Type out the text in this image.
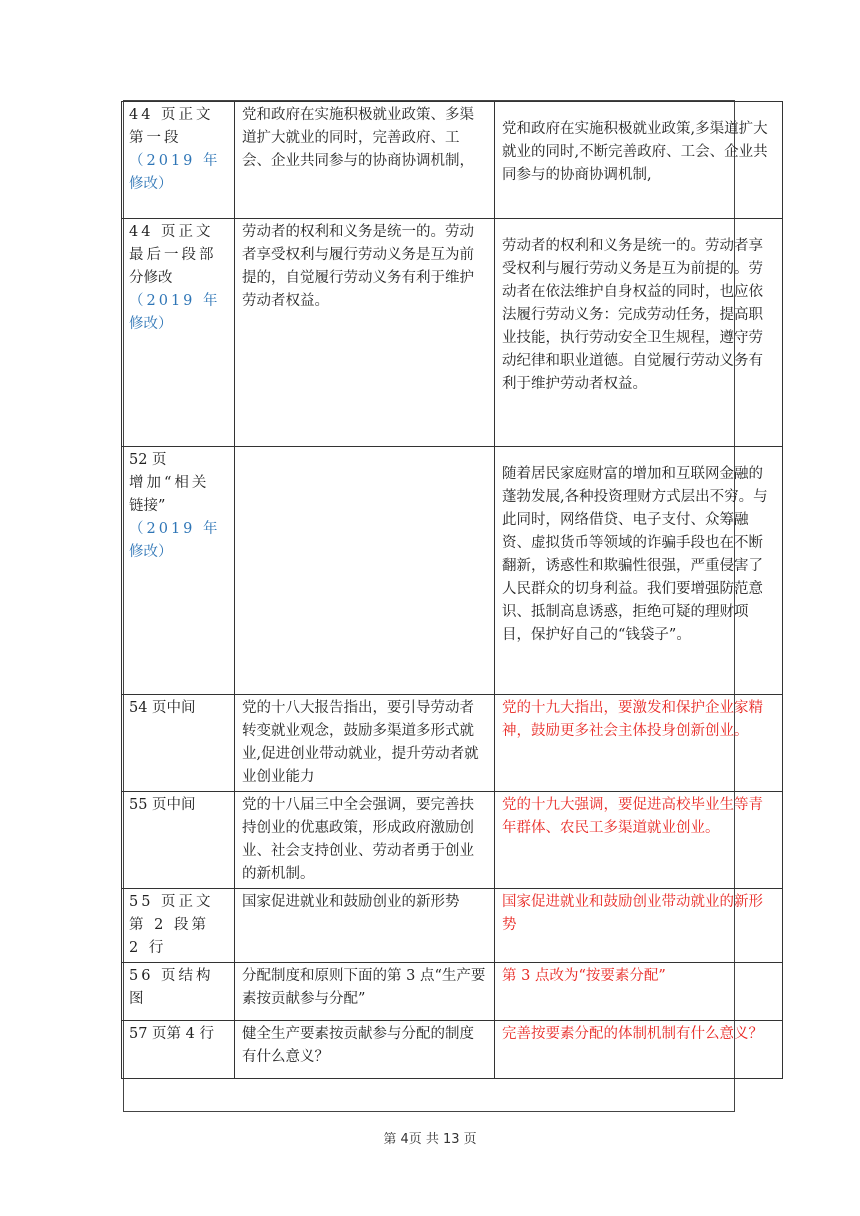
44 页正文
第一段
（2019 年
修改）	党和政府在实施积极就业政策、多渠道扩大就业的同时，完善政府、工会、企业共同参与的协商协调机制，	党和政府在实施积极就业政策,多渠道扩大就业的同时,不断完善政府、工会、企业共同参与的协商协调机制,

44 页正文
最后一段部
分修改
（2019 年
修改）	劳动者的权利和义务是统一的。劳动者享受权利与履行劳动义务是互为前提的，自觉履行劳动义务有利于维护劳动者权益。	劳动者的权利和义务是统一的。劳动者享受权利与履行劳动义务是互为前提的。劳动者在依法维护自身权益的同时，也应依法履行劳动义务：完成劳动任务，提高职业技能，执行劳动安全卫生规程，遵守劳动纪律和职业道德。自觉履行劳动义务有利于维护劳动者权益。

52 页
增加“相关
链接”
（2019 年
修改）		随着居民家庭财富的增加和互联网金融的蓬勃发展,各种投资理财方式层出不穷。与此同时，网络借贷、电子支付、众筹融资、虚拟货币等领域的诈骗手段也在不断翻新，诱惑性和欺骗性很强，严重侵害了人民群众的切身利益。我们要增强防范意识、抵制高息诱惑，拒绝可疑的理财项目，保护好自己的“钱袋子”。
54 页中间	党的十八大报告指出，要引导劳动者转变就业观念，鼓励多渠道多形式就业,促进创业带动就业，提升劳动者就业创业能力	党的十九大指出，要激发和保护企业家精神，鼓励更多社会主体投身创新创业。
55 页中间	党的十八届三中全会强调，要完善扶持创业的优惠政策，形成政府激励创业、社会支持创业、劳动者勇于创业的新机制。	党的十九大强调，要促进高校毕业生等青年群体、农民工多渠道就业创业。
55 页正文第 2 段第 2 行	国家促进就业和鼓励创业的新形势	国家促进就业和鼓励创业带动就业的新形势
56 页结构图	分配制度和原则下面的第 3 点“生产要素按贡献参与分配”	第 3 点改为“按要素分配”
57 页第 4 行	健全生产要素按贡献参与分配的制度有什么意义？	完善按要素分配的体制机制有什么意义？
第 4页 共 13 页
